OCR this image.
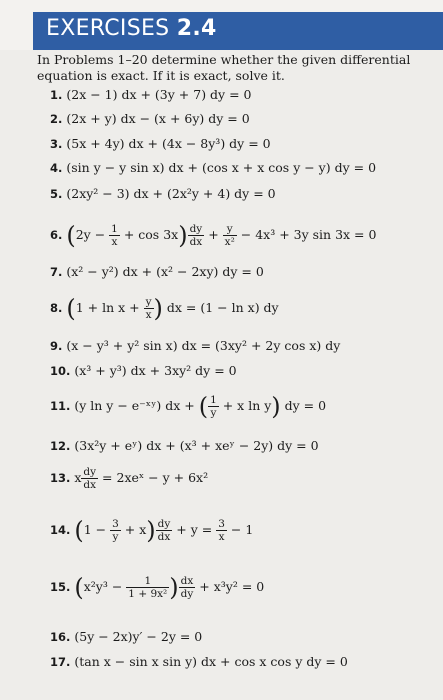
EXERCISES 2.4
In Problems 1–20 determine whether the given differential equation is exact. If it is exact, solve it.
1. (2x − 1) dx + (3y + 7) dy = 0
2. (2x + y) dx − (x + 6y) dy = 0
3. (5x + 4y) dx + (4x − 8y³) dy = 0
4. (sin y − y sin x) dx + (cos x + x cos y − y) dy = 0
5. (2xy² − 3) dx + (2x²y + 4) dy = 0
6. $(2y - \frac{1}{x} + \cos 3x) \frac{dy}{dx} + \frac{y}{\text{x²}} - 4x^3 + 3y$ sin 3x = 0
7. (x² − y²) dx + (x² − 2xy) dy = 0
8. ($1 + \ln x + \frac{y}{x}$ ) dx = (1 − ln x) dy
9. (x − y³ + y² sin x) dx = (3xy² + 2y cos x) dy
10. (x³ + y³) dx + 3xy² dy = 0
11. (y ln y − e⁻ˣʸ) dx + ( $\frac{1}{y} + x$ ln y) dy = 0
12. (3x²y + eʸ) dx + (x³ + xeʸ − 2y) dy = 0
13. x $\frac{dy}{dx}$ = 2xeˣ − y + 6x²
14. $(1 - \frac{3}{y} + x) \frac{dy}{dx} + y = \frac{3}{x} - 1$
15. ($x^2y^3 - \frac{1}{\text{1 + 9x²}}$ ) $\frac{dx}{dy} + x^3y^2 = 0$
16. (5y − 2x)y′ − 2y = 0
17. (tan x − sin x sin y) dx + cos x cos y dy = 0
